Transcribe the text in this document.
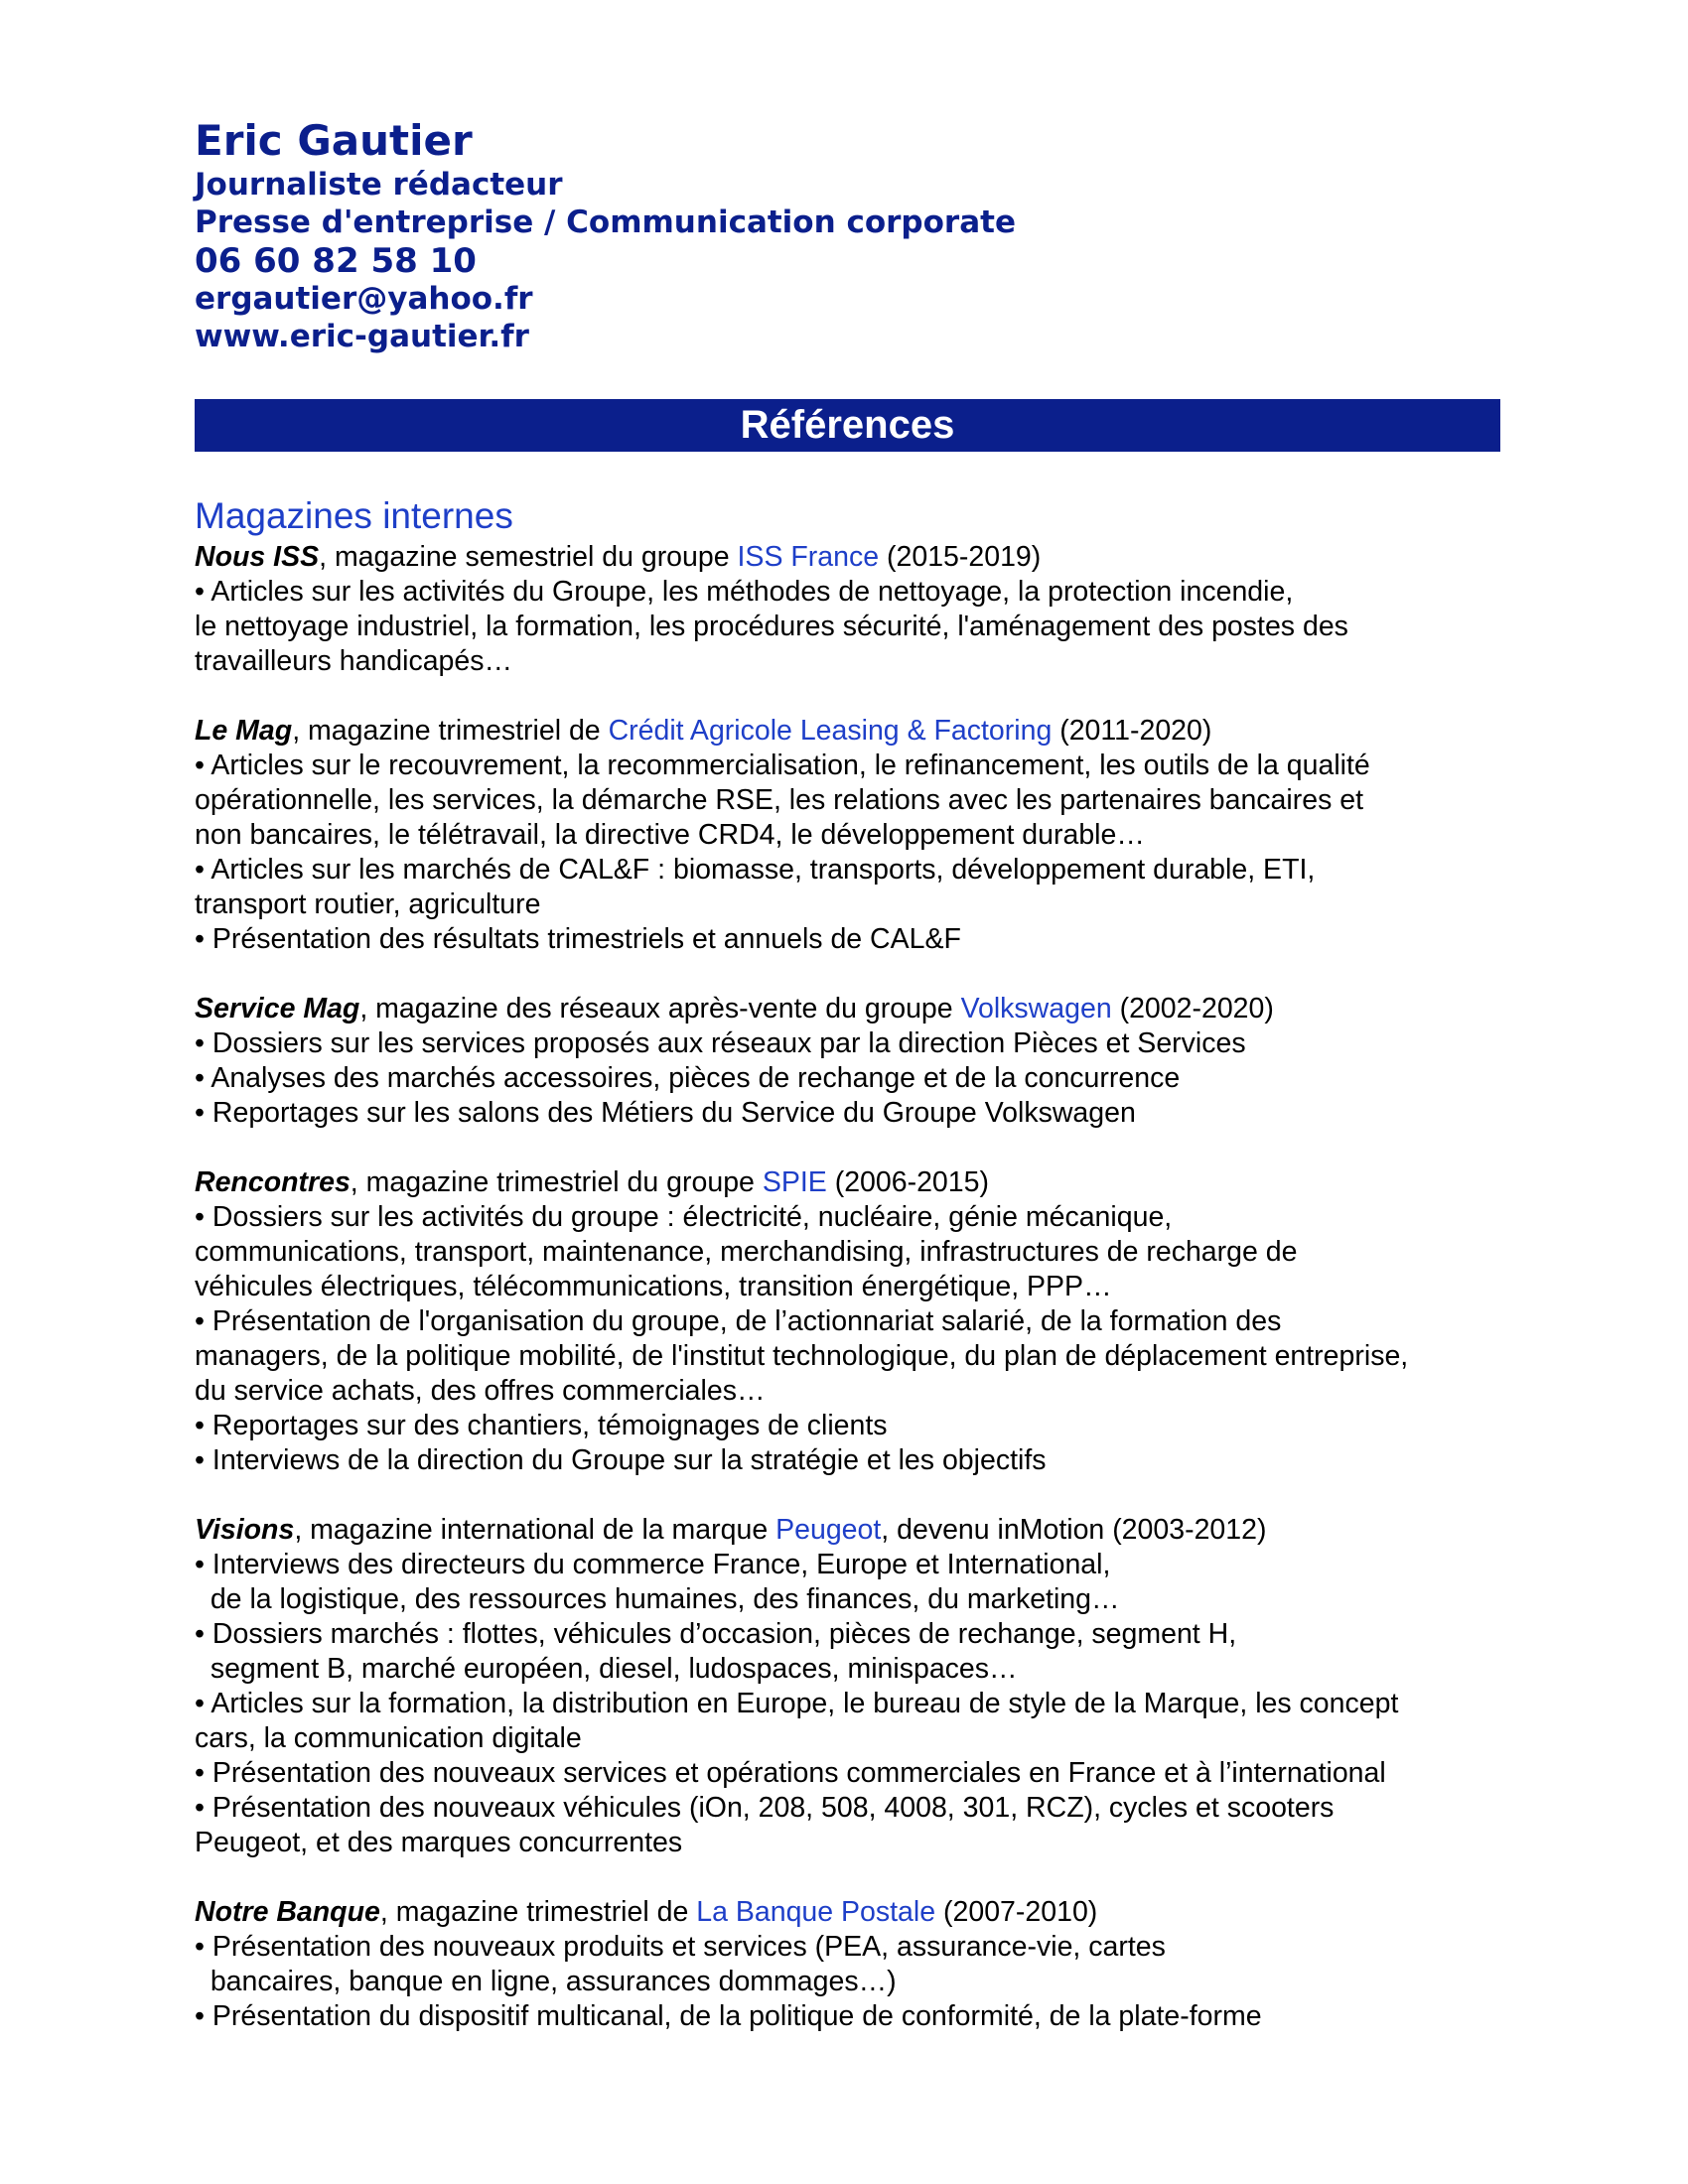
Eric Gautier
Journaliste rédacteur
Presse d'entreprise / Communication corporate
06 60 82 58 10
ergautier@yahoo.fr
www.eric-gautier.fr
Références
Magazines internes
Nous ISS, magazine semestriel du groupe ISS France (2015-2019)
• Articles sur les activités du Groupe, les méthodes de nettoyage, la protection incendie,
le nettoyage industriel, la formation, les procédures sécurité, l'aménagement des postes des
travailleurs handicapés…
Le Mag, magazine trimestriel de Crédit Agricole Leasing & Factoring (2011-2020)
• Articles sur le recouvrement, la recommercialisation, le refinancement, les outils de la qualité
opérationnelle, les services, la démarche RSE, les relations avec les partenaires bancaires et
non bancaires, le télétravail, la directive CRD4, le développement durable…
• Articles sur les marchés de CAL&F : biomasse, transports, développement durable, ETI,
transport routier, agriculture
• Présentation des résultats trimestriels et annuels de CAL&F
Service Mag, magazine des réseaux après-vente du groupe Volkswagen (2002-2020)
• Dossiers sur les services proposés aux réseaux par la direction Pièces et Services
• Analyses des marchés accessoires, pièces de rechange et de la concurrence
• Reportages sur les salons des Métiers du Service du Groupe Volkswagen
Rencontres, magazine trimestriel du groupe SPIE (2006-2015)
• Dossiers sur les activités du groupe : électricité, nucléaire, génie mécanique,
communications, transport, maintenance, merchandising, infrastructures de recharge de
véhicules électriques, télécommunications, transition énergétique, PPP…
• Présentation de l'organisation du groupe, de l’actionnariat salarié, de la formation des
managers, de la politique mobilité, de l'institut technologique, du plan de déplacement entreprise,
du service achats, des offres commerciales…
• Reportages sur des chantiers, témoignages de clients
• Interviews de la direction du Groupe sur la stratégie et les objectifs
Visions, magazine international de la marque Peugeot, devenu inMotion (2003-2012)
• Interviews des directeurs du commerce France, Europe et International,
de la logistique, des ressources humaines, des finances, du marketing…
• Dossiers marchés : flottes, véhicules d’occasion, pièces de rechange, segment H,
segment B, marché européen, diesel, ludospaces, minispaces…
• Articles sur la formation, la distribution en Europe, le bureau de style de la Marque, les concept
cars, la communication digitale
• Présentation des nouveaux services et opérations commerciales en France et à l’international
• Présentation des nouveaux véhicules (iOn, 208, 508, 4008, 301, RCZ), cycles et scooters
Peugeot, et des marques concurrentes
Notre Banque, magazine trimestriel de La Banque Postale (2007-2010)
• Présentation des nouveaux produits et services (PEA, assurance-vie, cartes
bancaires, banque en ligne, assurances dommages…)
• Présentation du dispositif multicanal, de la politique de conformité, de la plate-forme
